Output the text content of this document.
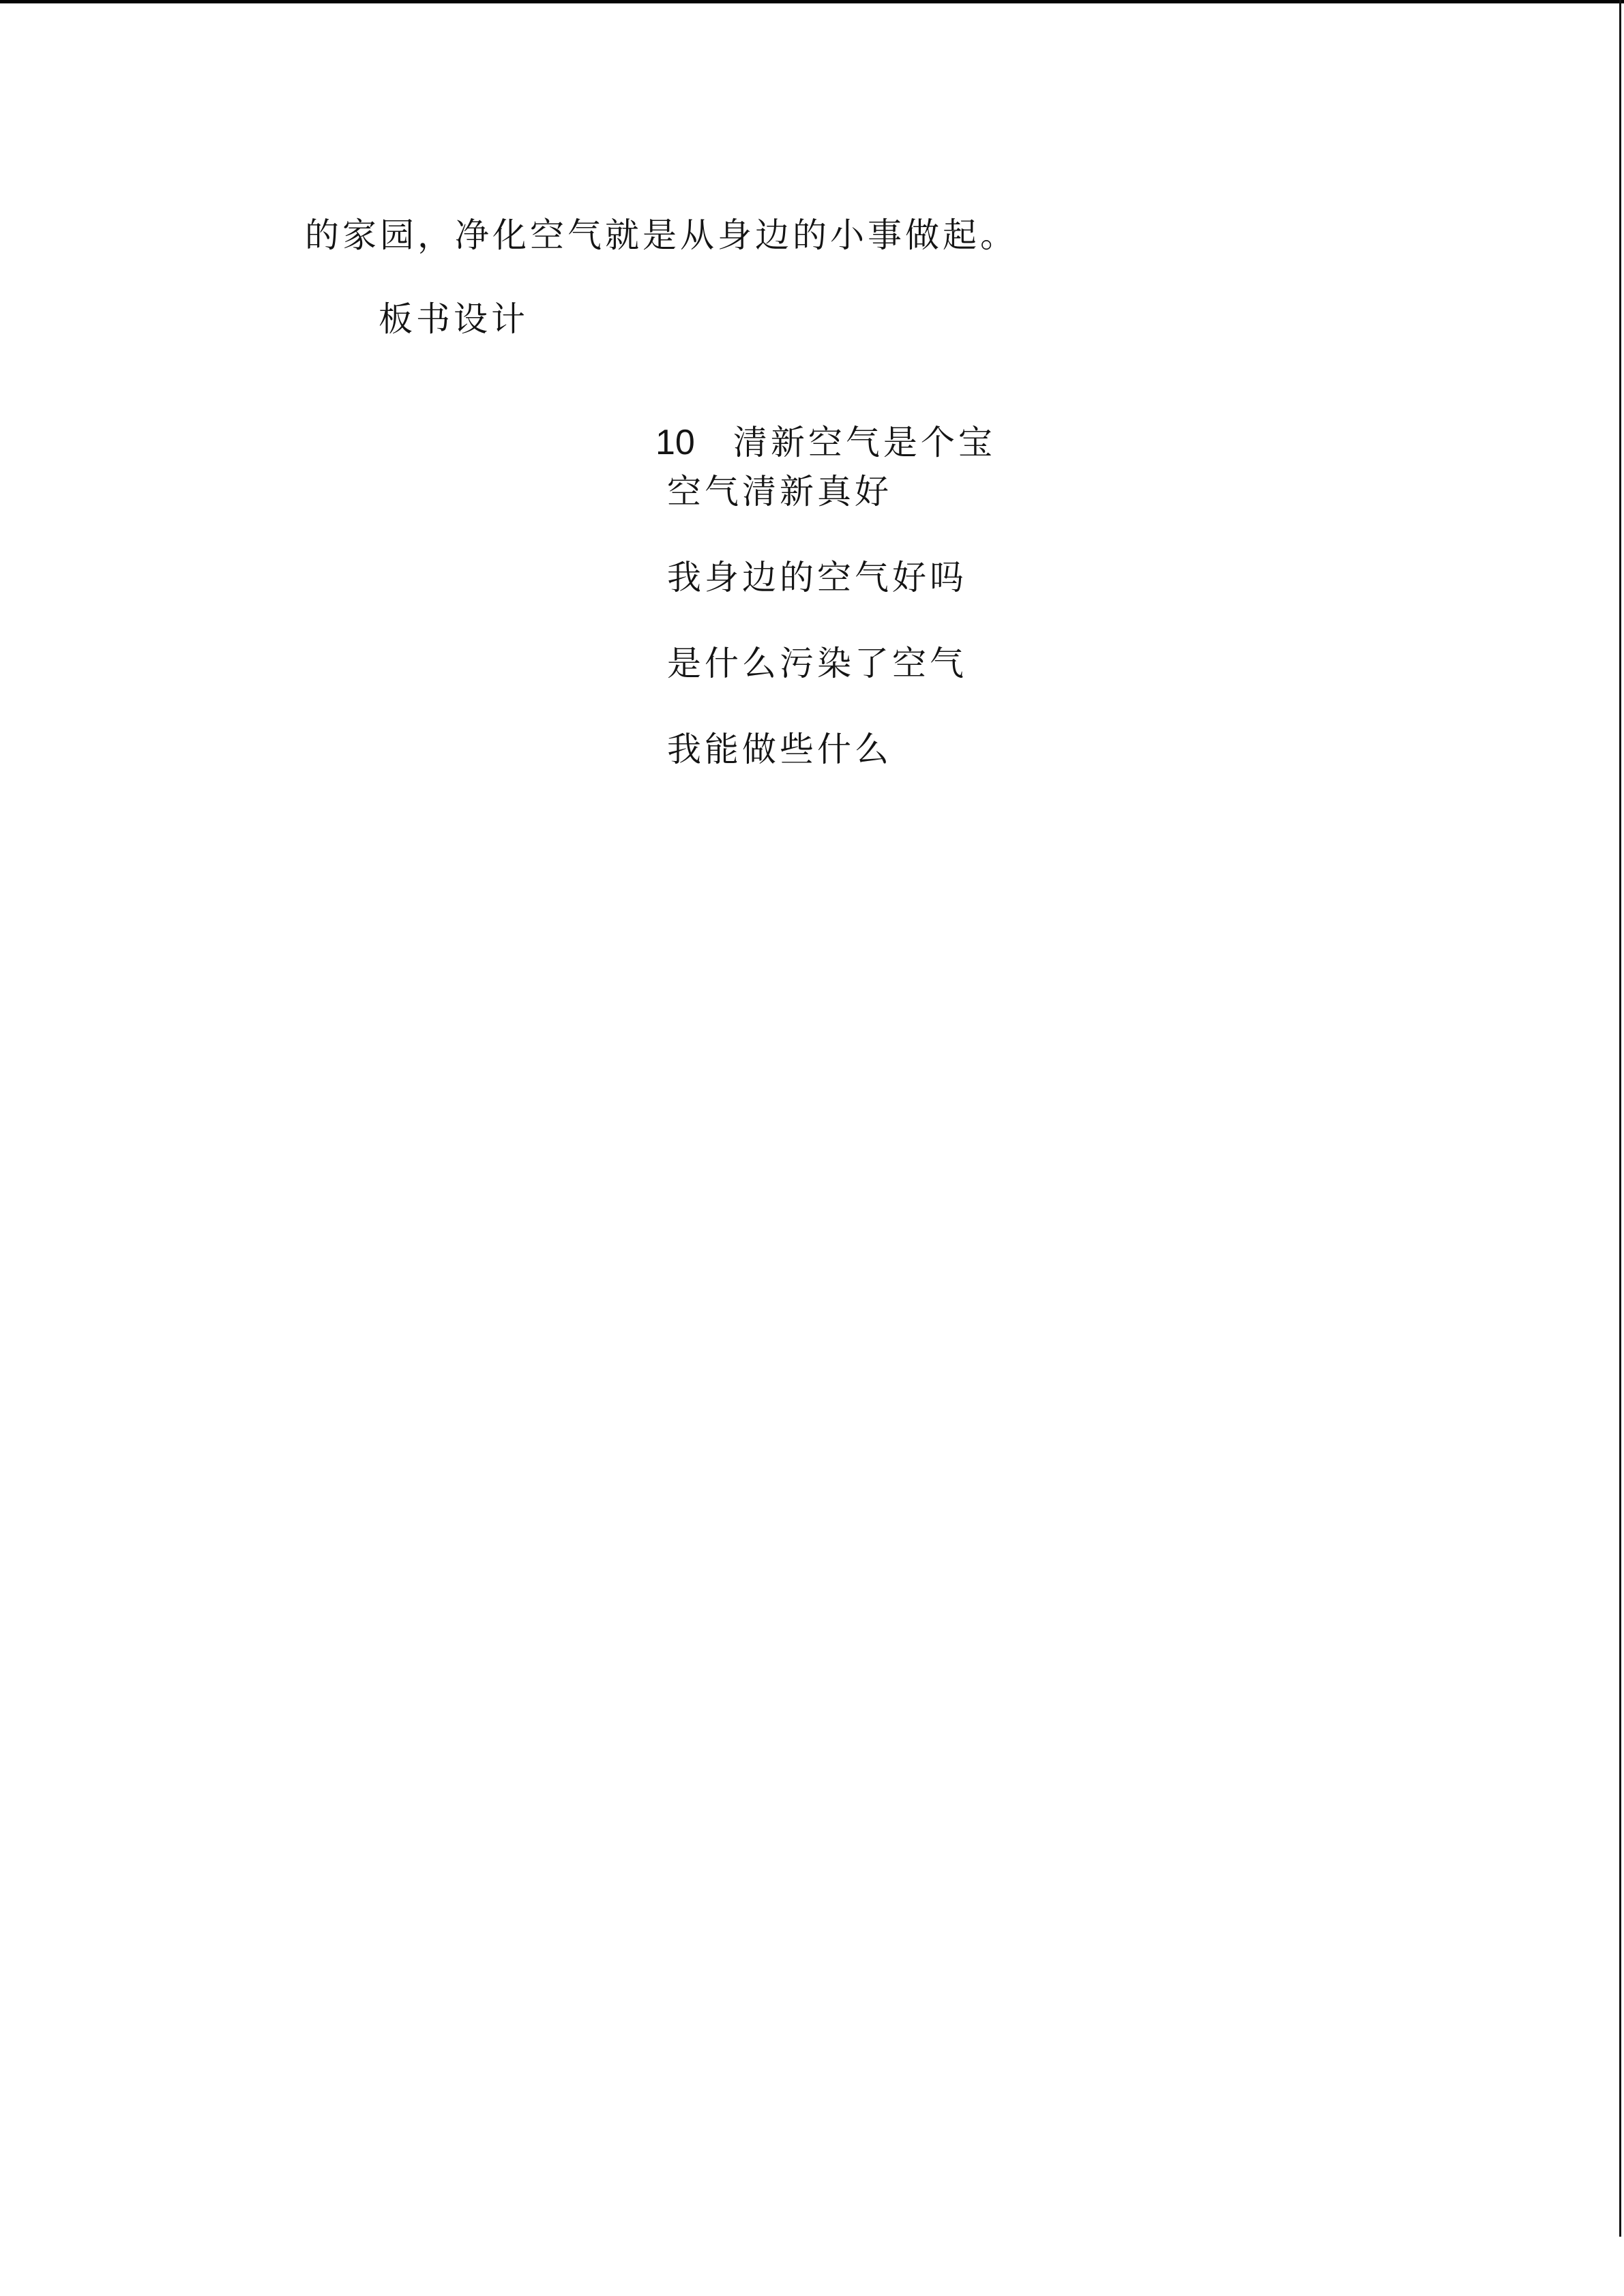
的家园，净化空气就是从身边的小事做起。
板书设计

10 清新空气是个宝

空气清新真好
我身边的空气好吗
是什么污染了空气
我能做些什么
